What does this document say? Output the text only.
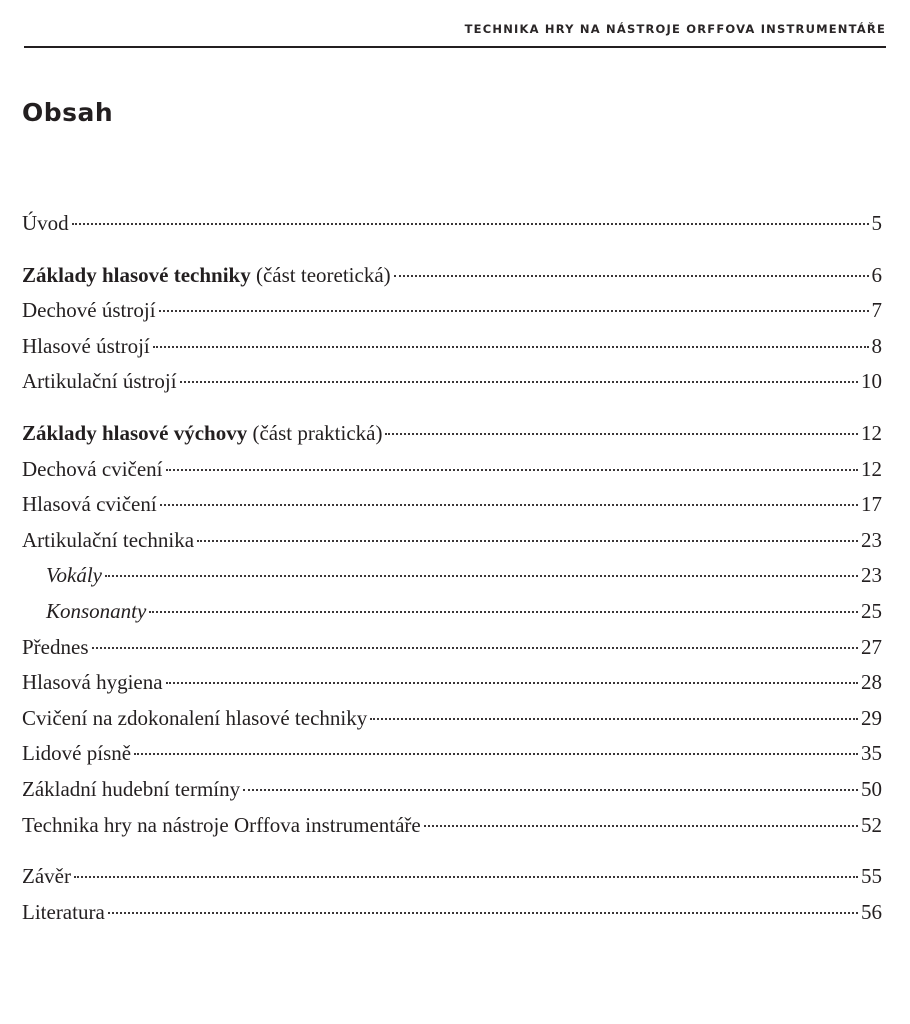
TECHNIKA HRY NA NÁSTROJE ORFFOVA INSTRUMENTÁŘE
Obsah
Úvod	5
Základy hlasové techniky (část teoretická)	6
Dechové ústrojí	7
Hlasové ústrojí	8
Artikulační ústrojí	10
Základy hlasové výchovy (část praktická)	12
Dechová cvičení	12
Hlasová cvičení	17
Artikulační technika	23
Vokály	23
Konsonanty	25
Přednes	27
Hlasová hygiena	28
Cvičení na zdokonalení hlasové techniky	29
Lidové písně	35
Základní hudební termíny	50
Technika hry na nástroje Orffova instrumentáře	52
Závěr	55
Literatura	56
